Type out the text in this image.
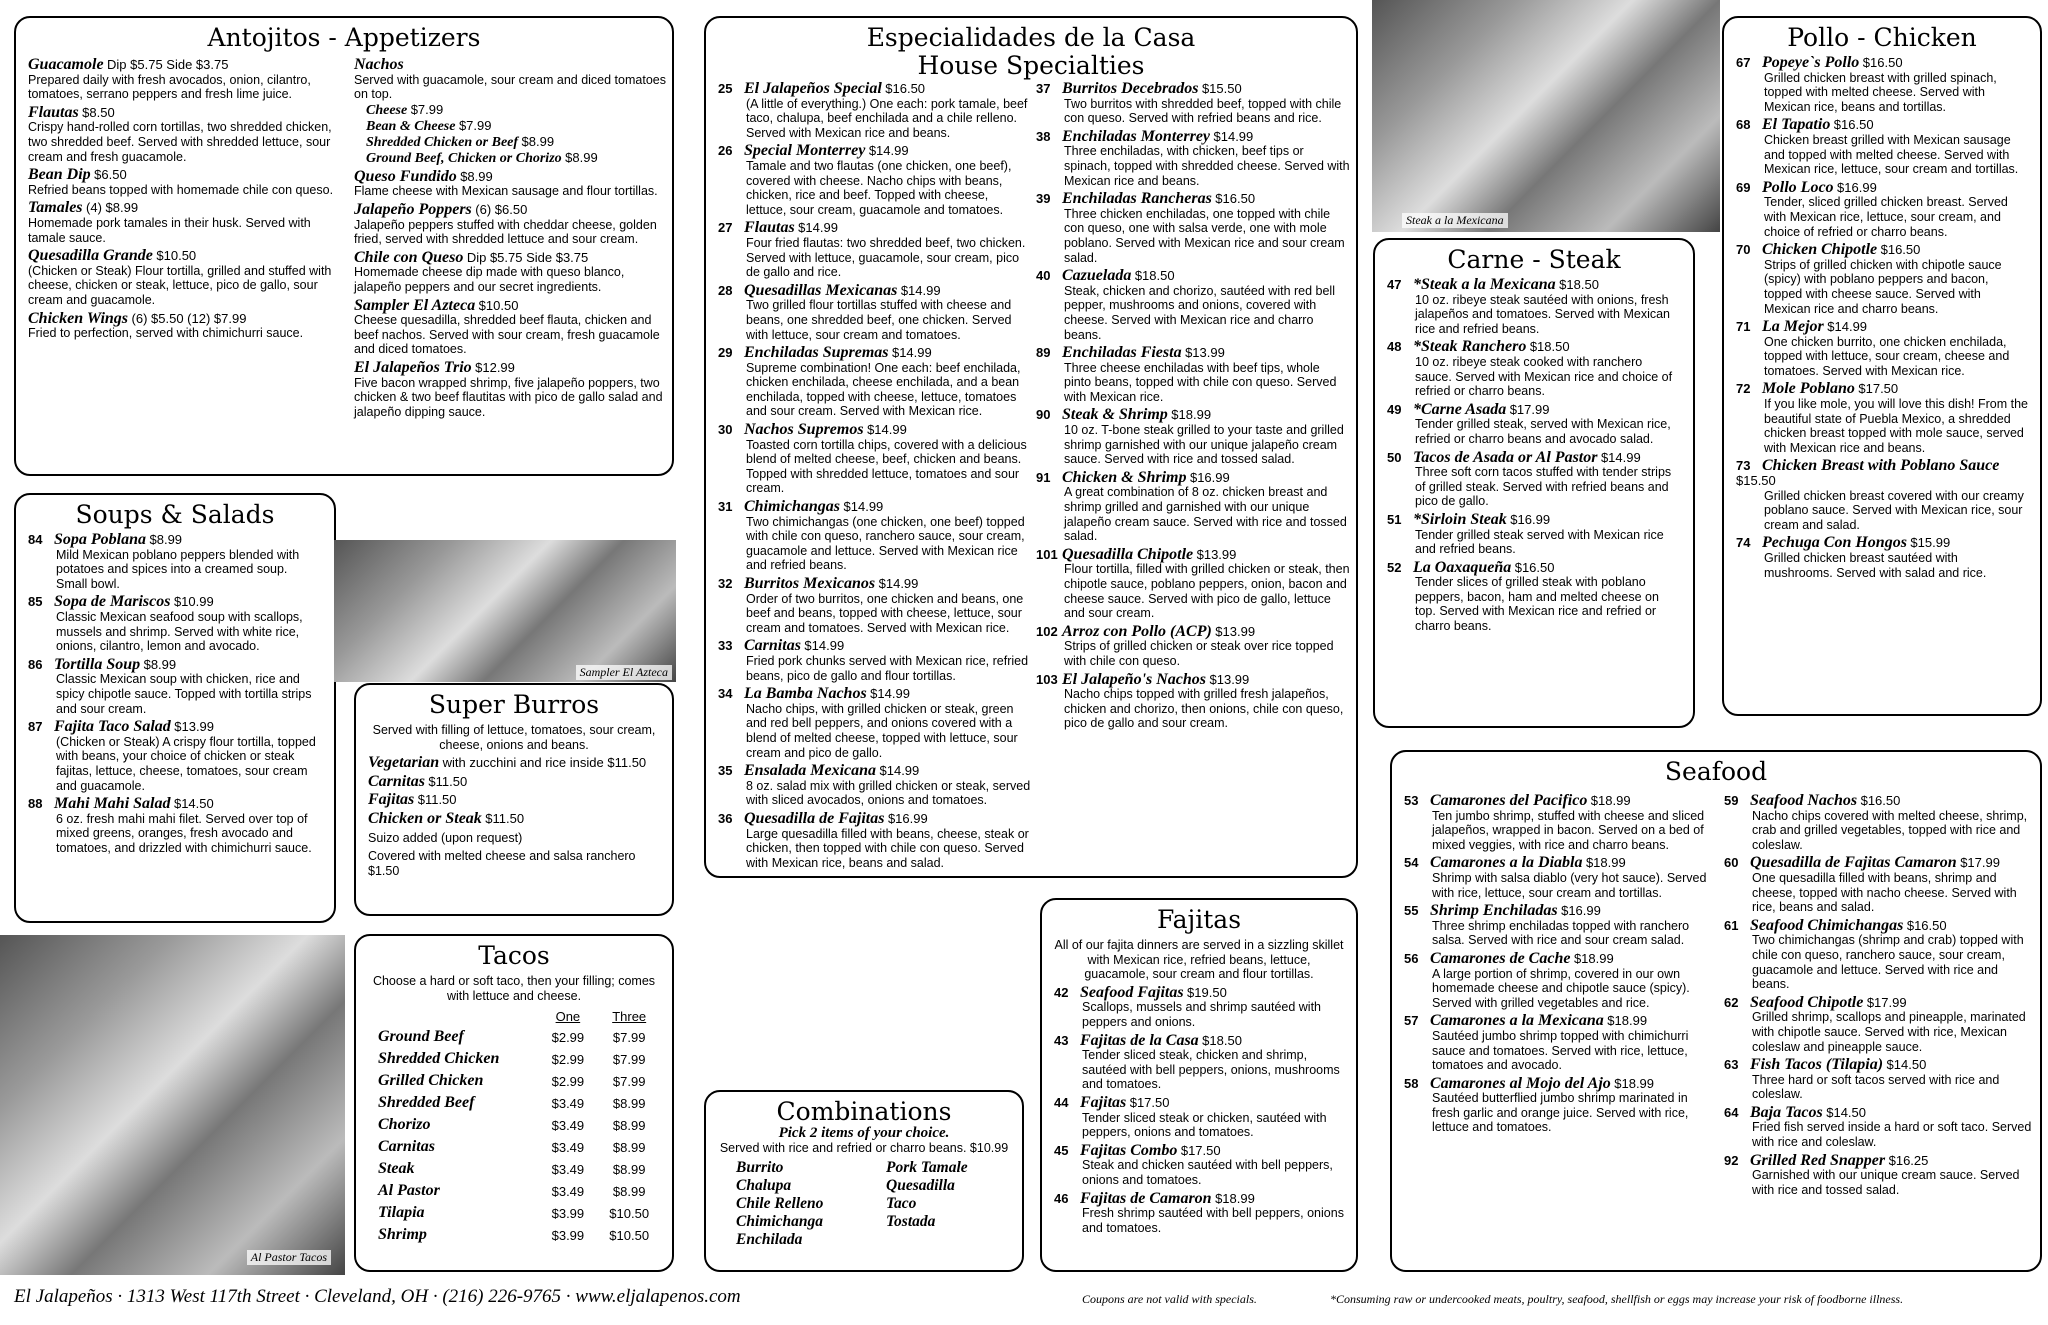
Antojitos - Appetizers
Guacamole Dip $5.75 Side $3.75
Prepared daily with fresh avocados, onion, cilantro, tomatoes, serrano peppers and fresh lime juice.
Flautas $8.50
Crispy hand-rolled corn tortillas, two shredded chicken, two shredded beef. Served with shredded lettuce, sour cream and fresh guacamole.
Bean Dip $6.50
Refried beans topped with homemade chile con queso.
Tamales (4) $8.99
Homemade pork tamales in their husk. Served with tamale sauce.
Quesadilla Grande $10.50
(Chicken or Steak) Flour tortilla, grilled and stuffed with cheese, chicken or steak, lettuce, pico de gallo, sour cream and guacamole.
Chicken Wings (6) $5.50 (12) $7.99
Fried to perfection, served with chimichurri sauce.
Nachos
Served with guacamole, sour cream and diced tomatoes on top.
Cheese $7.99
Bean & Cheese $7.99
Shredded Chicken or Beef $8.99
Ground Beef, Chicken or Chorizo $8.99
Queso Fundido $8.99
Flame cheese with Mexican sausage and flour tortillas.
Jalapeño Poppers (6) $6.50
Jalapeño peppers stuffed with cheddar cheese, golden fried, served with shredded lettuce and sour cream.
Chile con Queso Dip $5.75 Side $3.75
Homemade cheese dip made with queso blanco, jalapeño peppers and our secret ingredients.
Sampler El Azteca $10.50
Cheese quesadilla, shredded beef flauta, chicken and beef nachos. Served with sour cream, fresh guacamole and diced tomatoes.
El Jalapeños Trio $12.99
Five bacon wrapped shrimp, five jalapeño poppers, two chicken & two beef flautitas with pico de gallo salad and jalapeño dipping sauce.
Soups & Salads
84 Sopa Poblana $8.99
Mild Mexican poblano peppers blended with potatoes and spices into a creamed soup. Small bowl.
85 Sopa de Mariscos $10.99
Classic Mexican seafood soup with scallops, mussels and shrimp. Served with white rice, onions, cilantro, lemon and avocado.
86 Tortilla Soup $8.99
Classic Mexican soup with chicken, rice and spicy chipotle sauce. Topped with tortilla strips and sour cream.
87 Fajita Taco Salad $13.99
(Chicken or Steak) A crispy flour tortilla, topped with beans, your choice of chicken or steak fajitas, lettuce, cheese, tomatoes, sour cream and guacamole.
88 Mahi Mahi Salad $14.50
6 oz. fresh mahi mahi filet. Served over top of mixed greens, oranges, fresh avocado and tomatoes, and drizzled with chimichurri sauce.
Sampler El Azteca
Super Burros
Served with filling of lettuce, tomatoes, sour cream, cheese, onions and beans.
Vegetarian with zucchini and rice inside $11.50
Carnitas $11.50
Fajitas $11.50
Chicken or Steak $11.50
Suizo added (upon request)
Covered with melted cheese and salsa ranchero $1.50
Al Pastor Tacos
Tacos
Choose a hard or soft taco, then your filling; comes with lettuce and cheese.
	One	Three
Ground Beef	$2.99	$7.99
Shredded Chicken	$2.99	$7.99
Grilled Chicken	$2.99	$7.99
Shredded Beef	$3.49	$8.99
Chorizo	$3.49	$8.99
Carnitas	$3.49	$8.99
Steak	$3.49	$8.99
Al Pastor	$3.49	$8.99
Tilapia	$3.99	$10.50
Shrimp	$3.99	$10.50
Especialidades de la Casa
House Specialties
25 El Jalapeños Special $16.50
(A little of everything.) One each: pork tamale, beef taco, chalupa, beef enchilada and a chile relleno. Served with Mexican rice and beans.
26 Special Monterrey $14.99
Tamale and two flautas (one chicken, one beef), covered with cheese. Nacho chips with beans, chicken, rice and beef. Topped with cheese, lettuce, sour cream, guacamole and tomatoes.
27 Flautas $14.99
Four fried flautas: two shredded beef, two chicken. Served with lettuce, guacamole, sour cream, pico de gallo and rice.
28 Quesadillas Mexicanas $14.99
Two grilled flour tortillas stuffed with cheese and beans, one shredded beef, one chicken. Served with lettuce, sour cream and tomatoes.
29 Enchiladas Supremas $14.99
Supreme combination! One each: beef enchilada, chicken enchilada, cheese enchilada, and a bean enchilada, topped with cheese, lettuce, tomatoes and sour cream. Served with Mexican rice.
30 Nachos Supremos $14.99
Toasted corn tortilla chips, covered with a delicious blend of melted cheese, beef, chicken and beans. Topped with shredded lettuce, tomatoes and sour cream.
31 Chimichangas $14.99
Two chimichangas (one chicken, one beef) topped with chile con queso, ranchero sauce, sour cream, guacamole and lettuce. Served with Mexican rice and refried beans.
32 Burritos Mexicanos $14.99
Order of two burritos, one chicken and beans, one beef and beans, topped with cheese, lettuce, sour cream and tomatoes. Served with Mexican rice.
33 Carnitas $14.99
Fried pork chunks served with Mexican rice, refried beans, pico de gallo and flour tortillas.
34 La Bamba Nachos $14.99
Nacho chips, with grilled chicken or steak, green and red bell peppers, and onions covered with a blend of melted cheese, topped with lettuce, sour cream and pico de gallo.
35 Ensalada Mexicana $14.99
8 oz. salad mix with grilled chicken or steak, served with sliced avocados, onions and tomatoes.
36 Quesadilla de Fajitas $16.99
Large quesadilla filled with beans, cheese, steak or chicken, then topped with chile con queso. Served with Mexican rice, beans and salad.
37 Burritos Decebrados $15.50
Two burritos with shredded beef, topped with chile con queso. Served with refried beans and rice.
38 Enchiladas Monterrey $14.99
Three enchiladas, with chicken, beef tips or spinach, topped with shredded cheese. Served with Mexican rice and beans.
39 Enchiladas Rancheras $16.50
Three chicken enchiladas, one topped with chile con queso, one with salsa verde, one with mole poblano. Served with Mexican rice and sour cream salad.
40 Cazuelada $18.50
Steak, chicken and chorizo, sautéed with red bell pepper, mushrooms and onions, covered with cheese. Served with Mexican rice and charro beans.
89 Enchiladas Fiesta $13.99
Three cheese enchiladas with beef tips, whole pinto beans, topped with chile con queso. Served with Mexican rice.
90 Steak & Shrimp $18.99
10 oz. T-bone steak grilled to your taste and grilled shrimp garnished with our unique jalapeño cream sauce. Served with rice and tossed salad.
91 Chicken & Shrimp $16.99
A great combination of 8 oz. chicken breast and shrimp grilled and garnished with our unique jalapeño cream sauce. Served with rice and tossed salad.
101 Quesadilla Chipotle $13.99
Flour tortilla, filled with grilled chicken or steak, then chipotle sauce, poblano peppers, onion, bacon and cheese sauce. Served with pico de gallo, lettuce and sour cream.
102 Arroz con Pollo (ACP) $13.99
Strips of grilled chicken or steak over rice topped with chile con queso.
103 El Jalapeño's Nachos $13.99
Nacho chips topped with grilled fresh jalapeños, chicken and chorizo, then onions, chile con queso, pico de gallo and sour cream.
Combinations
Pick 2 items of your choice.
Served with rice and refried or charro beans. $10.99
Burrito	Pork Tamale
Chalupa	Quesadilla
Chile Relleno	Taco
Chimichanga	Tostada
Enchilada
Fajitas
All of our fajita dinners are served in a sizzling skillet with Mexican rice, refried beans, lettuce, guacamole, sour cream and flour tortillas.
42 Seafood Fajitas $19.50
Scallops, mussels and shrimp sautéed with peppers and onions.
43 Fajitas de la Casa $18.50
Tender sliced steak, chicken and shrimp, sautéed with bell peppers, onions, mushrooms and tomatoes.
44 Fajitas $17.50
Tender sliced steak or chicken, sautéed with peppers, onions and tomatoes.
45 Fajitas Combo $17.50
Steak and chicken sautéed with bell peppers, onions and tomatoes.
46 Fajitas de Camaron $18.99
Fresh shrimp sautéed with bell peppers, onions and tomatoes.
Steak a la Mexicana
Carne - Steak
47 *Steak a la Mexicana $18.50
10 oz. ribeye steak sautéed with onions, fresh jalapeños and tomatoes. Served with Mexican rice and refried beans.
48 *Steak Ranchero $18.50
10 oz. ribeye steak cooked with ranchero sauce. Served with Mexican rice and choice of refried or charro beans.
49 *Carne Asada $17.99
Tender grilled steak, served with Mexican rice, refried or charro beans and avocado salad.
50 Tacos de Asada or Al Pastor $14.99
Three soft corn tacos stuffed with tender strips of grilled steak. Served with refried beans and pico de gallo.
51 *Sirloin Steak $16.99
Tender grilled steak served with Mexican rice and refried beans.
52 La Oaxaqueña $16.50
Tender slices of grilled steak with poblano peppers, bacon, ham and melted cheese on top. Served with Mexican rice and refried or charro beans.
Pollo - Chicken
67 Popeye`s Pollo $16.50
Grilled chicken breast with grilled spinach, topped with melted cheese. Served with Mexican rice, beans and tortillas.
68 El Tapatio $16.50
Chicken breast grilled with Mexican sausage and topped with melted cheese. Served with Mexican rice, lettuce, sour cream and tortillas.
69 Pollo Loco $16.99
Tender, sliced grilled chicken breast. Served with Mexican rice, lettuce, sour cream, and choice of refried or charro beans.
70 Chicken Chipotle $16.50
Strips of grilled chicken with chipotle sauce (spicy) with poblano peppers and bacon, topped with cheese sauce. Served with Mexican rice and charro beans.
71 La Mejor $14.99
One chicken burrito, one chicken enchilada, topped with lettuce, sour cream, cheese and tomatoes. Served with Mexican rice.
72 Mole Poblano $17.50
If you like mole, you will love this dish! From the beautiful state of Puebla Mexico, a shredded chicken breast topped with mole sauce, served with Mexican rice and beans.
73 Chicken Breast with Poblano Sauce $15.50
Grilled chicken breast covered with our creamy poblano sauce. Served with Mexican rice, sour cream and salad.
74 Pechuga Con Hongos $15.99
Grilled chicken breast sautéed with mushrooms. Served with salad and rice.
Seafood
53 Camarones del Pacifico $18.99
Ten jumbo shrimp, stuffed with cheese and sliced jalapeños, wrapped in bacon. Served on a bed of mixed veggies, with rice and charro beans.
54 Camarones a la Diabla $18.99
Shrimp with salsa diablo (very hot sauce). Served with rice, lettuce, sour cream and tortillas.
55 Shrimp Enchiladas $16.99
Three shrimp enchiladas topped with ranchero salsa. Served with rice and sour cream salad.
56 Camarones de Cache $18.99
A large portion of shrimp, covered in our own homemade cheese and chipotle sauce (spicy). Served with grilled vegetables and rice.
57 Camarones a la Mexicana $18.99
Sautéed jumbo shrimp topped with chimichurri sauce and tomatoes. Served with rice, lettuce, tomatoes and avocado.
58 Camarones al Mojo del Ajo $18.99
Sautéed butterflied jumbo shrimp marinated in fresh garlic and orange juice. Served with rice, lettuce and tomatoes.
59 Seafood Nachos $16.50
Nacho chips covered with melted cheese, shrimp, crab and grilled vegetables, topped with rice and coleslaw.
60 Quesadilla de Fajitas Camaron $17.99
One quesadilla filled with beans, shrimp and cheese, topped with nacho cheese. Served with rice, beans and salad.
61 Seafood Chimichangas $16.50
Two chimichangas (shrimp and crab) topped with chile con queso, ranchero sauce, sour cream, guacamole and lettuce. Served with rice and beans.
62 Seafood Chipotle $17.99
Grilled shrimp, scallops and pineapple, marinated with chipotle sauce. Served with rice, Mexican coleslaw and pineapple sauce.
63 Fish Tacos (Tilapia) $14.50
Three hard or soft tacos served with rice and coleslaw.
64 Baja Tacos $14.50
Fried fish served inside a hard or soft taco. Served with rice and coleslaw.
92 Grilled Red Snapper $16.25
Garnished with our unique cream sauce. Served with rice and tossed salad.
El Jalapeños · 1313 West 117th Street · Cleveland, OH · (216) 226-9765 · www.eljalapenos.com	Coupons are not valid with specials.	*Consuming raw or undercooked meats, poultry, seafood, shellfish or eggs may increase your risk of foodborne illness.
